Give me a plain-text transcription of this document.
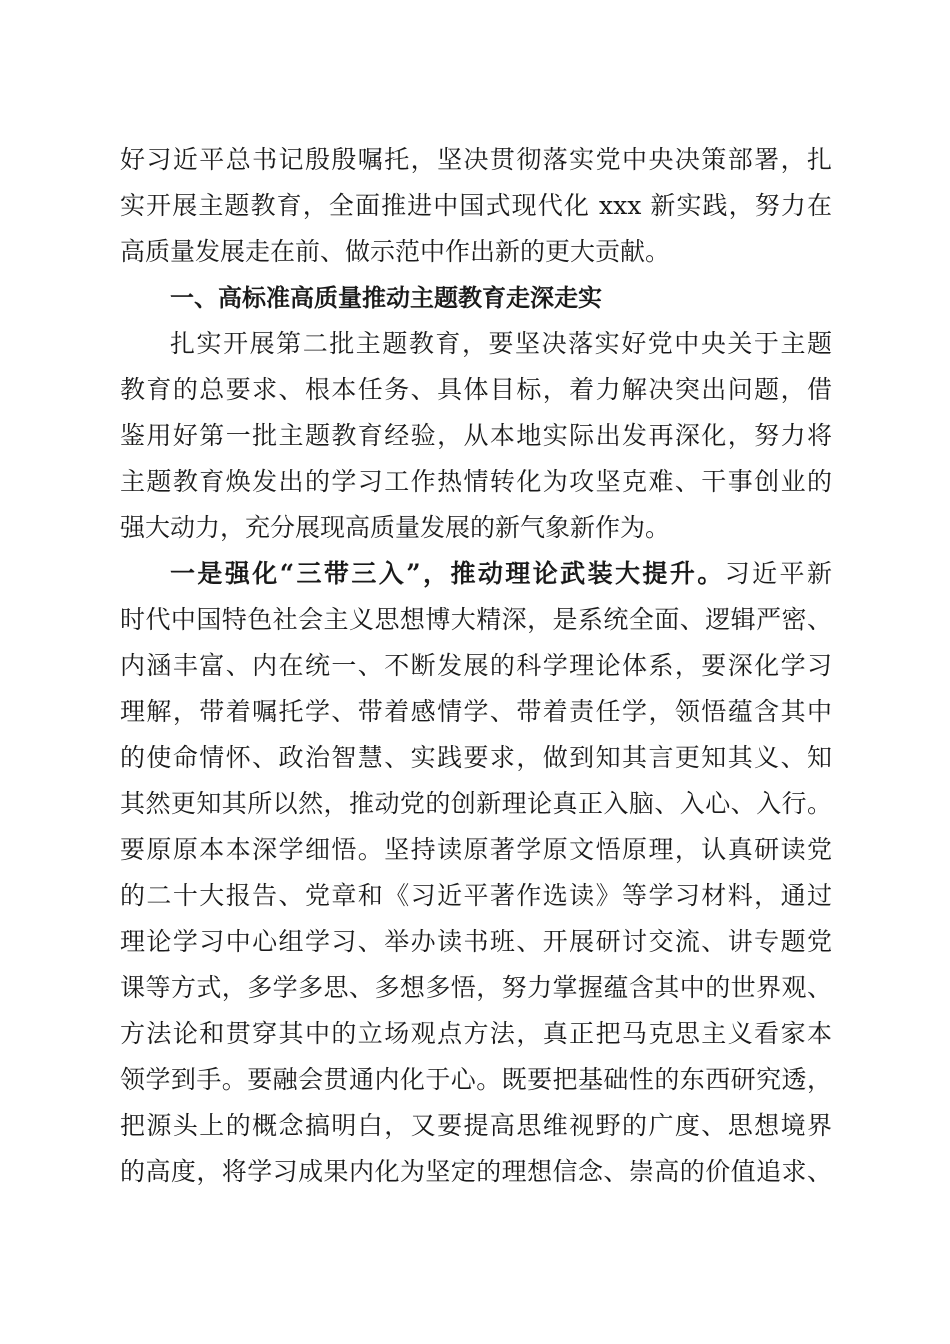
好习近平总书记殷殷嘱托，坚决贯彻落实党中央决策部署，扎
实开展主题教育，全面推进中国式现代化 xxx 新实践，努力在
高质量发展走在前、做示范中作出新的更大贡献。
一、高标准高质量推动主题教育走深走实
扎实开展第二批主题教育，要坚决落实好党中央关于主题
教育的总要求、根本任务、具体目标，着力解决突出问题，借
鉴用好第一批主题教育经验，从本地实际出发再深化，努力将
主题教育焕发出的学习工作热情转化为攻坚克难、干事创业的
强大动力，充分展现高质量发展的新气象新作为。
一是强化“三带三入”，推动理论武装大提升。习近平新
时代中国特色社会主义思想博大精深，是系统全面、逻辑严密、
内涵丰富、内在统一、不断发展的科学理论体系，要深化学习
理解，带着嘱托学、带着感情学、带着责任学，领悟蕴含其中
的使命情怀、政治智慧、实践要求，做到知其言更知其义、知
其然更知其所以然，推动党的创新理论真正入脑、入心、入行。
要原原本本深学细悟。坚持读原著学原文悟原理，认真研读党
的二十大报告、党章和《习近平著作选读》等学习材料，通过
理论学习中心组学习、举办读书班、开展研讨交流、讲专题党
课等方式，多学多思、多想多悟，努力掌握蕴含其中的世界观、
方法论和贯穿其中的立场观点方法，真正把马克思主义看家本
领学到手。要融会贯通内化于心。既要把基础性的东西研究透，
把源头上的概念搞明白，又要提高思维视野的广度、思想境界
的高度，将学习成果内化为坚定的理想信念、崇高的价值追求、
